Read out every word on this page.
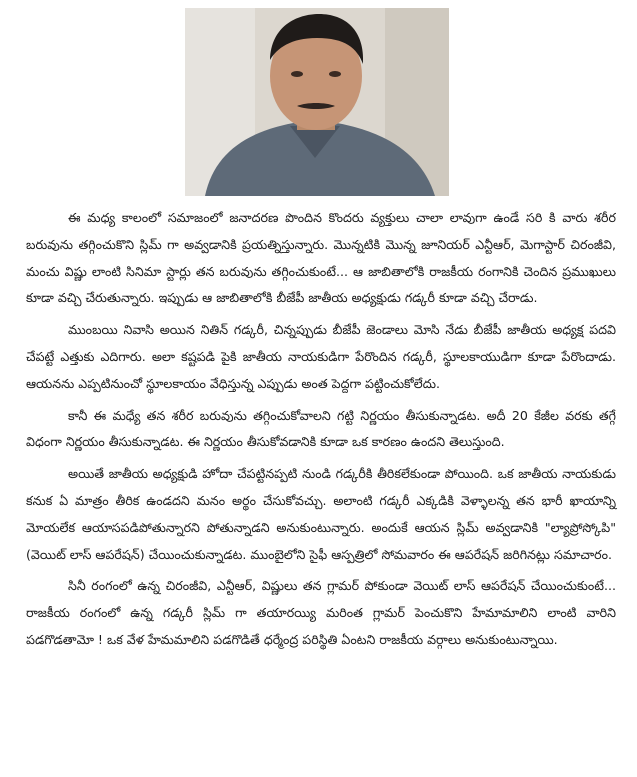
ఈ మధ్య కాలంలో సమాజంలో జనాదరణ పొందిన కొందరు వ్యక్తులు చాలా లావుగా ఉండే సరి కి వారు శరీర బరువును తగ్గించుకొని స్లిమ్ గా అవ్వడానికి ప్రయత్నిస్తున్నారు. మొన్నటికి మొన్న జూనియర్ ఎన్టీఆర్, మెగాస్టార్ చిరంజీవి, మంచు విష్ణు లాంటి సినిమా స్టార్లు తన బరువును తగ్గించుకుంటే... ఆ జాబితాలోకి రాజకీయ రంగానికి చెందిన ప్రముఖులు కూడా వచ్చి చేరుతున్నారు. ఇప్పుడు ఆ జాబితాలోకి బీజేపీ జాతీయ అధ్యక్షుడు గడ్కరీ కూడా వచ్చి చేరాడు.

ముంబయి నివాసి అయిన నితిన్ గడ్కరీ, చిన్నప్పుడు బీజేపీ జెండాలు మోసి నేడు బీజేపీ జాతీయ అధ్యక్ష పదవి చేపట్టే ఎత్తుకు ఎదిగారు. అలా కష్టపడి పైకి జాతీయ నాయకుడిగా పేరొందిన గడ్కరీ, స్థూలకాయుడిగా కూడా పేరొందాడు. ఆయనను ఎప్పటినుంచో స్థూలకాయం వేధిస్తున్న ఎప్పుడు అంత పెద్దగా పట్టించుకోలేదు.

కానీ ఈ మధ్యే తన శరీర బరువును తగ్గించుకోవాలని గట్టి నిర్ణయం తీసుకున్నాడట. అదీ 20 కేజీల వరకు తగ్గే విధంగా నిర్ణయం తీసుకున్నాడట. ఈ నిర్ణయం తీసుకోవడానికి కూడా ఒక కారణం ఉందని తెలుస్తుంది.

అయితే జాతీయ అధ్యక్షుడి హోదా చేపట్టినప్పటి నుండి గడ్కరీకి తీరికలేకుండా పోయింది. ఒక జాతీయ నాయకుడు కనుక ఏ మాత్రం తీరిక ఉండదని మనం అర్థం చేసుకోవచ్చు. అలాంటి గడ్కరీ ఎక్కడికి వెళ్ళాలన్న తన భారీ ఖాయాన్ని మోయలేక ఆయాసపడిపోతున్నారని పోతున్నాడని అనుకుంటున్నారు. అందుకే ఆయన స్లిమ్ అవ్వడానికి "ల్యాప్రోస్కోపి" (వెయిట్ లాస్ ఆపరేషన్) చేయించుకున్నాడట. ముంబైలోని సైఫీ ఆస్పత్రిలో సోమవారం ఈ ఆపరేషన్ జరిగినట్లు సమాచారం.

సినీ రంగంలో ఉన్న చిరంజీవి, ఎన్టీఆర్, విష్ణులు తన గ్లామర్ పోకుండా వెయిట్ లాస్ ఆపరేషన్ చేయించుకుంటే... రాజకీయ రంగంలో ఉన్న గడ్కరీ స్లిమ్ గా తయారయ్యి మరింత గ్లామర్ పెంచుకొని హేమామాలిని లాంటి వారిని పడగొడతామో ! ఒక వేళ హేమమాలిని పడగొడితే ధర్మేంద్ర పరిస్థితి ఏంటని రాజకీయ వర్గాలు అనుకుంటున్నాయి.
